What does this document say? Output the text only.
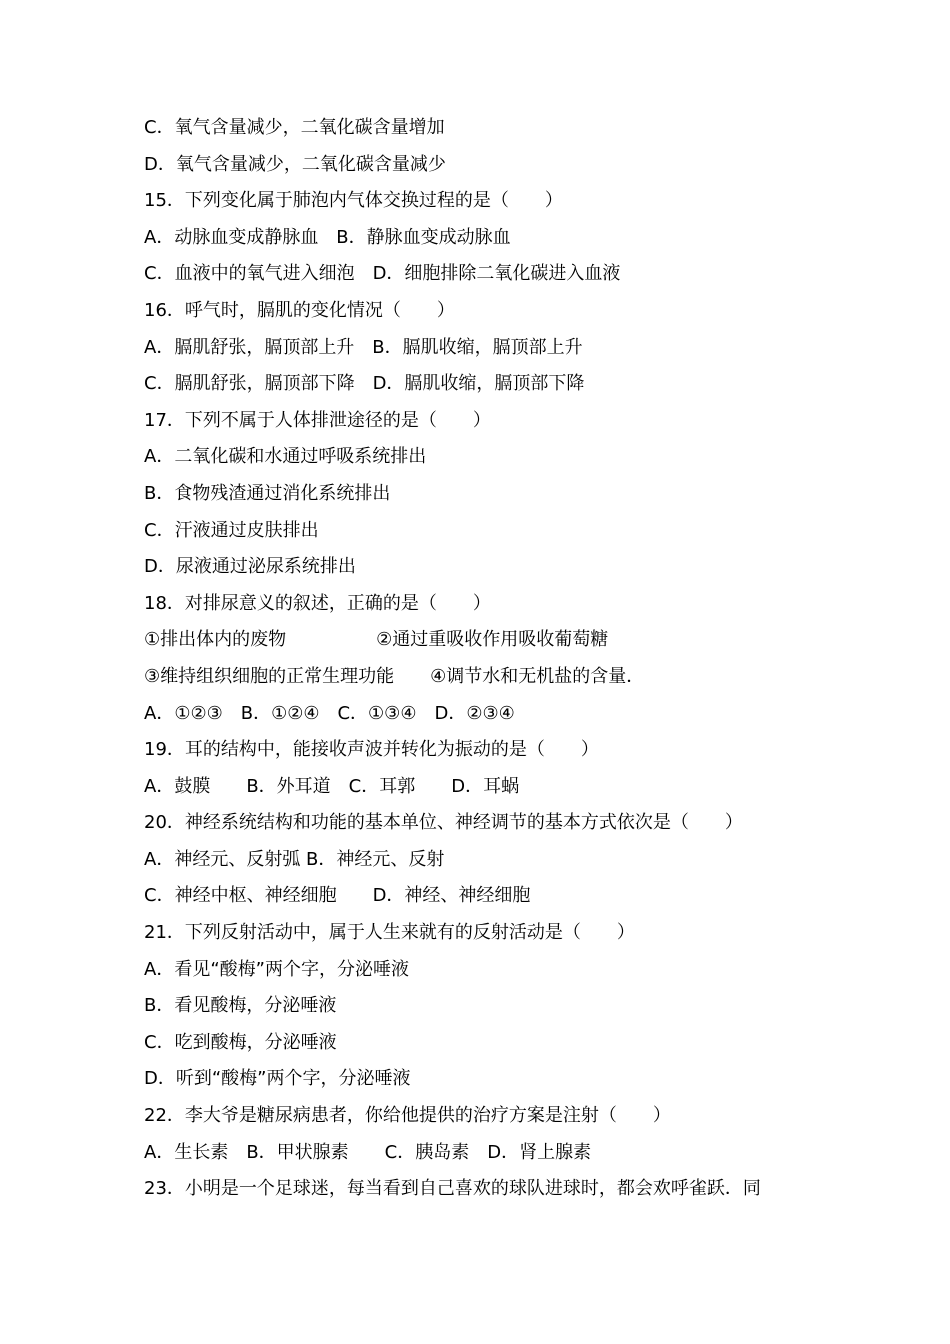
C．氧气含量减少，二氧化碳含量增加
D．氧气含量减少，二氧化碳含量减少
15．下列变化属于肺泡内气体交换过程的是（　　）
A．动脉血变成静脉血　B．静脉血变成动脉血
C．血液中的氧气进入细泡　D．细胞排除二氧化碳进入血液
16．呼气时，膈肌的变化情况（　　）
A．膈肌舒张，膈顶部上升　B．膈肌收缩，膈顶部上升
C．膈肌舒张，膈顶部下降　D．膈肌收缩，膈顶部下降
17．下列不属于人体排泄途径的是（　　）
A．二氧化碳和水通过呼吸系统排出
B．食物残渣通过消化系统排出
C．汗液通过皮肤排出
D．尿液通过泌尿系统排出
18．对排尿意义的叙述，正确的是（　　）
①排出体内的废物　　　　　②通过重吸收作用吸收葡萄糖
③维持组织细胞的正常生理功能　　④调节水和无机盐的含量．
A．①②③　B．①②④　C．①③④　D．②③④
19．耳的结构中，能接收声波并转化为振动的是（　　）
A．鼓膜　　B．外耳道　C．耳郭　　D．耳蜗
20．神经系统结构和功能的基本单位、神经调节的基本方式依次是（　　）
A．神经元、反射弧 B．神经元、反射
C．神经中枢、神经细胞　　D．神经、神经细胞
21．下列反射活动中，属于人生来就有的反射活动是（　　）
A．看见“酸梅”两个字，分泌唾液
B．看见酸梅，分泌唾液
C．吃到酸梅，分泌唾液
D．听到“酸梅”两个字，分泌唾液
22．李大爷是糖尿病患者，你给他提供的治疗方案是注射（　　）
A．生长素　B．甲状腺素　　C．胰岛素　D．肾上腺素
23．小明是一个足球迷，每当看到自己喜欢的球队进球时，都会欢呼雀跃．同
